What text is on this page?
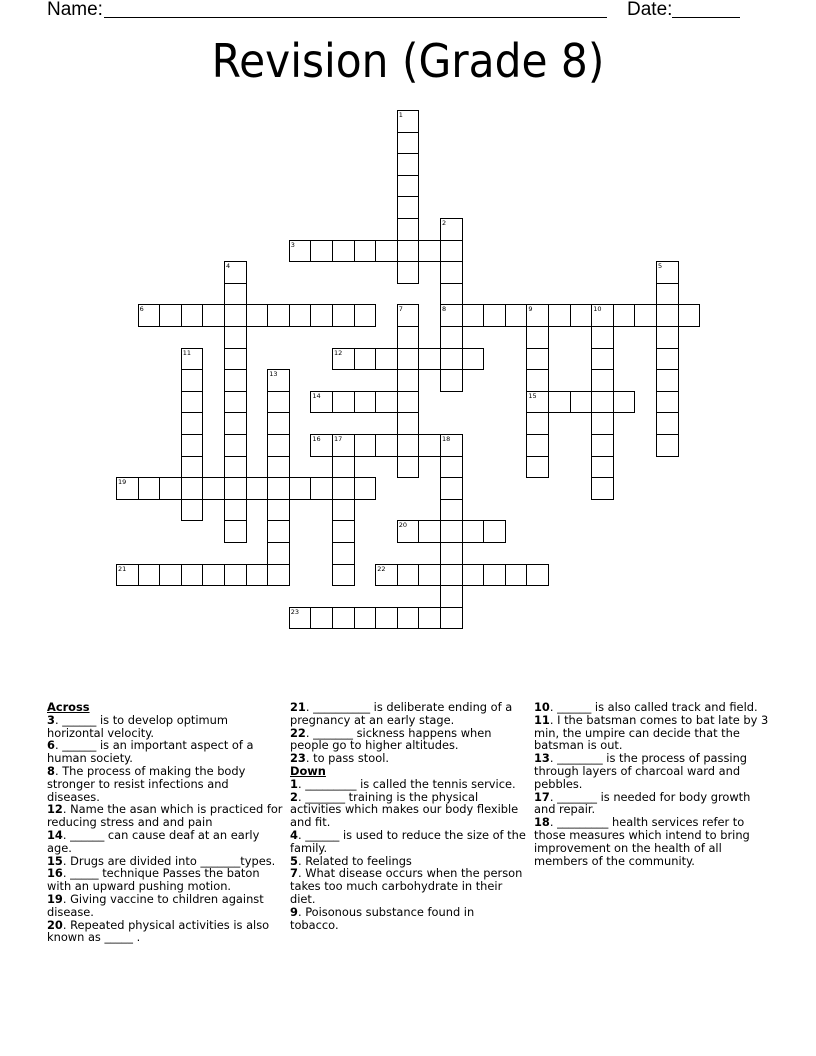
Name:	Date:
Revision (Grade 8)
1
2
8
3
4	5
6	7	9	10
15
11	12
13
14
16 17	18
19
20
21	22
23
Across
3. ______ is to develop optimum horizontal velocity.
6. ______ is an important aspect of a human society.
8. The process of making the body stronger to resist infections and diseases.
12. Name the asan which is practiced for reducing stress and and pain
14. ______ can cause deaf at an early age.
15. Drugs are divided into _______types.
16. _____ technique Passes the baton with an upward pushing motion.
19. Giving vaccine to children against disease.
20. Repeated physical activities is also known as _____ .
21. __________ is deliberate ending of a pregnancy at an early stage.
22. _______ sickness happens when people go to higher altitudes.
23. to pass stool.
Down
1. _________ is called the tennis service.
2. _______ training is the physical activities which makes our body flexible and fit.
4. ______ is used to reduce the size of the family.
5. Related to feelings
7. What disease occurs when the person takes too much carbohydrate in their diet.
9. Poisonous substance found in tobacco.
10. ______ is also called track and field.
11. I the batsman comes to bat late by 3 min, the umpire can decide that the batsman is out.
13. ________ is the process of passing through layers of charcoal ward and pebbles.
17. _______ is needed for body growth and repair.
18. _________ health services refer to those measures which intend to bring improvement on the health of all members of the community.
